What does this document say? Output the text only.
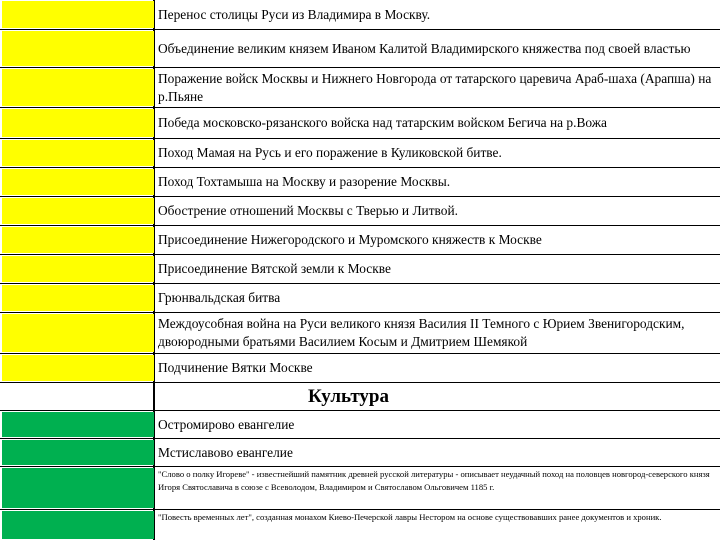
Перенос столицы Руси из Владимира в Москву.
Объединение великим князем Иваном Калитой Владимирского княжества под своей властью
Поражение войск Москвы и Нижнего Новгорода от татарского царевича Араб-шаха (Арапша) на р.Пьяне
Победа московско-рязанского войска над татарским войском Бегича на р.Вожа
Поход Мамая на Русь и его поражение в Куликовской битве.
Поход Тохтамыша на Москву и разорение Москвы.
Обострение отношений Москвы с Тверью и Литвой.
Присоединение Нижегородского и Муромского княжеств к Москве
Присоединение Вятской земли к Москве
Грюнвальдская битва
Междоусобная война на Руси великого князя Василия II Темного с Юрием Звенигородским, двоюродными братьями Василием Косым и Дмитрием Шемякой
Подчинение Вятки Москве
Культура
Остромирово евангелие
Мстиславово евангелие
"Слово о полку Игореве" - известнейший памятник древней русской литературы - описывает неудачный поход на половцев новгород-северского князя Игоря Святославича в союзе с Всеволодом, Владимиром и Святославом Ольговичем 1185 г.
"Повесть временных лет", созданная монахом Киево-Печерской лавры Нестором на основе существовавших ранее документов и хроник.
